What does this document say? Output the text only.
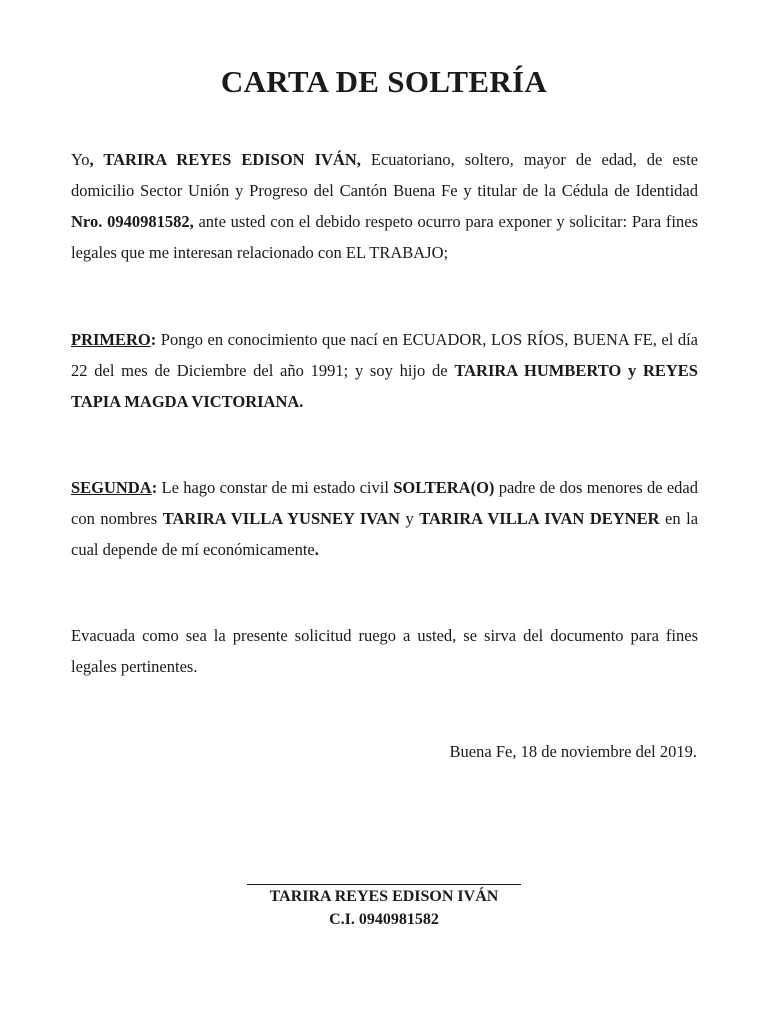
CARTA DE SOLTERÍA
Yo, TARIRA REYES EDISON IVÁN, Ecuatoriano, soltero, mayor de edad, de este domicilio Sector Unión y Progreso del Cantón Buena Fe y titular de la Cédula de Identidad Nro. 0940981582, ante usted con el debido respeto ocurro para exponer y solicitar: Para fines legales que me interesan relacionado con EL TRABAJO;
PRIMERO: Pongo en conocimiento que nací en ECUADOR, LOS RÍOS, BUENA FE, el día 22 del mes de Diciembre del año 1991; y soy hijo de TARIRA HUMBERTO y REYES TAPIA MAGDA VICTORIANA.
SEGUNDA: Le hago constar de mi estado civil SOLTERA(O) padre de dos menores de edad con nombres TARIRA VILLA YUSNEY IVAN y TARIRA VILLA IVAN DEYNER en la cual depende de mí económicamente.
Evacuada como sea la presente solicitud ruego a usted, se sirva del documento para fines legales pertinentes.
Buena Fe, 18 de noviembre del 2019.
TARIRA REYES EDISON IVÁN
C.I. 0940981582
